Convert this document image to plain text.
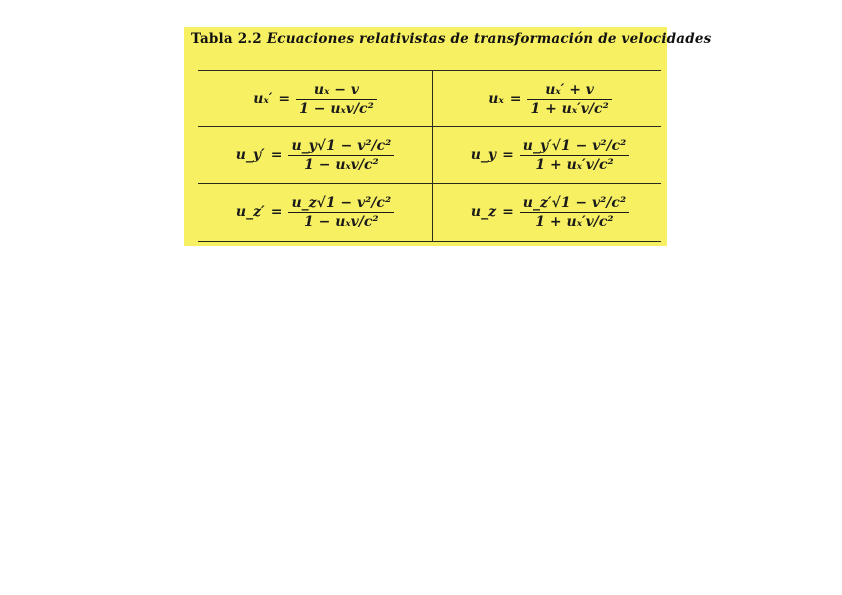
Tabla 2.2 Ecuaciones relativistas de transformación de velocidades
$u_x' = \frac{\text{uₓ − v}}{\text{1 − uₓv/c²}}$	$u_x = \frac{\text{uₓ′ + v}}{\text{1 + uₓ′v/c²}}$
u_y′ = $\frac{\text{u\_y√1 − v²/c²}}{\text{1 − uₓv/c²}}$	u_y = $\frac{\text{u\_y′√1 − v²/c²}}{\text{1 + uₓ′v/c²}}$
u_z′ = $\frac{\text{u\_z√1 − v²/c²}}{\text{1 − uₓv/c²}}$	u_z = $\frac{\text{u\_z′√1 − v²/c²}}{\text{1 + uₓ′v/c²}}$
